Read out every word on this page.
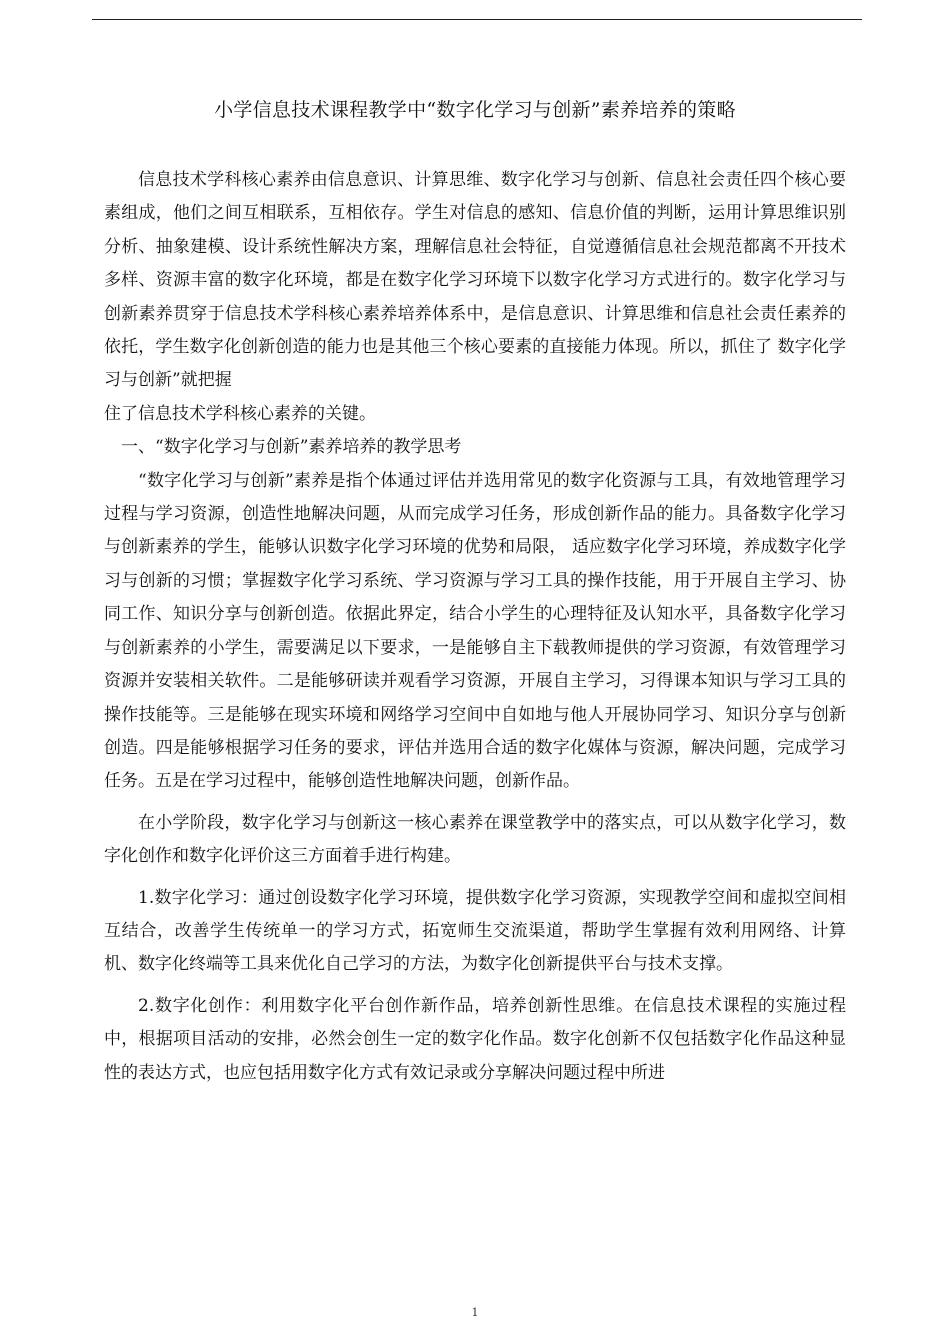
小学信息技术课程教学中“数字化学习与创新”素养培养的策略

信息技术学科核心素养由信息意识、计算思维、数字化学习与创新、信息社会责任四个核心要素组成，他们之间互相联系，互相依存。学生对信息的感知、信息价值的判断，运用计算思维识别分析、抽象建模、设计系统性解决方案，理解信息社会特征，自觉遵循信息社会规范都离不开技术多样、资源丰富的数字化环境，都是在数字化学习环境下以数字化学习方式进行的。数字化学习与创新素养贯穿于信息技术学科核心素养培养体系中，是信息意识、计算思维和信息社会责任素养的依托，学生数字化创新创造的能力也是其他三个核心要素的直接能力体现。所以，抓住了 数字化学习与创新”就把握

住了信息技术学科核心素养的关键。

一、“数字化学习与创新”素养培养的教学思考

“数字化学习与创新”素养是指个体通过评估并选用常见的数字化资源与工具，有效地管理学习过程与学习资源，创造性地解决问题，从而完成学习任务，形成创新作品的能力。具备数字化学习与创新素养的学生，能够认识数字化学习环境的优势和局限， 适应数字化学习环境，养成数字化学习与创新的习惯；掌握数字化学习系统、学习资源与学习工具的操作技能，用于开展自主学习、协同工作、知识分享与创新创造。依据此界定，结合小学生的心理特征及认知水平，具备数字化学习与创新素养的小学生，需要满足以下要求，一是能够自主下载教师提供的学习资源，有效管理学习资源并安装相关软件。二是能够研读并观看学习资源，开展自主学习，习得课本知识与学习工具的操作技能等。三是能够在现实环境和网络学习空间中自如地与他人开展协同学习、知识分享与创新创造。四是能够根据学习任务的要求，评估并选用合适的数字化媒体与资源，解决问题，完成学习任务。五是在学习过程中，能够创造性地解决问题，创新作品。

在小学阶段，数字化学习与创新这一核心素养在课堂教学中的落实点，可以从数字化学习，数字化创作和数字化评价这三方面着手进行构建。

1.数字化学习：通过创设数字化学习环境，提供数字化学习资源，实现教学空间和虚拟空间相互结合，改善学生传统单一的学习方式，拓宽师生交流渠道，帮助学生掌握有效利用网络、计算机、数字化终端等工具来优化自己学习的方法，为数字化创新提供平台与技术支撑。

2.数字化创作：利用数字化平台创作新作品，培养创新性思维。在信息技术课程的实施过程中，根据项目活动的安排，必然会创生一定的数字化作品。数字化创新不仅包括数字化作品这种显性的表达方式，也应包括用数字化方式有效记录或分享解决问题过程中所进

1
